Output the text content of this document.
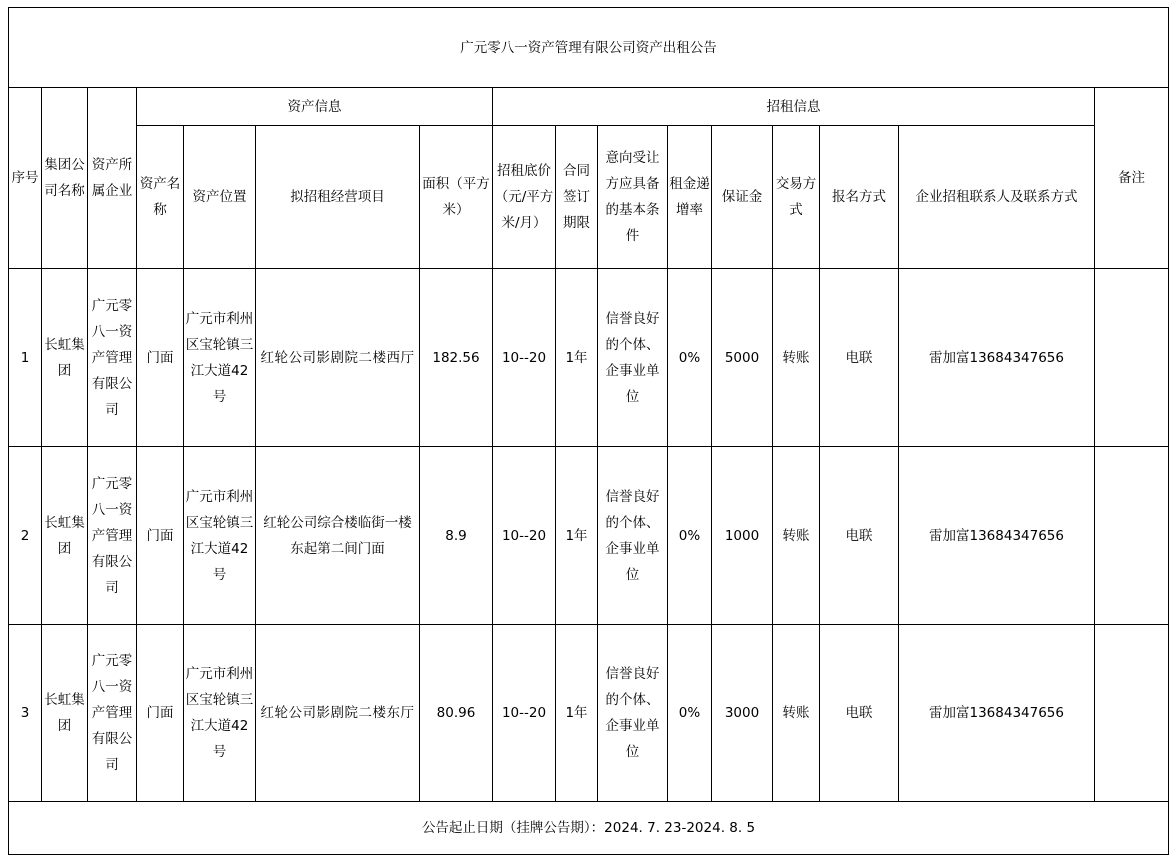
广元零八一资产管理有限公司资产出租公告															
序号	集团公司名称	资产所属企业	资产信息				招租信息								备注
			资产名称	资产位置	拟招租经营项目	面积（平方米）	招租底价（元/平方米/月）	合同签订期限	意向受让方应具备的基本条件	租金递增率	保证金	交易方式	报名方式	企业招租联系人及联系方式	
1	长虹集团	广元零八一资产管理有限公司	门面	广元市利州区宝轮镇三江大道42号	红轮公司影剧院二楼西厅	182.56	10--20	1年	信誉良好的个体、企事业单位	0%	5000	转账	电联	雷加富13684347656	
2	长虹集团	广元零八一资产管理有限公司	门面	广元市利州区宝轮镇三江大道42号	红轮公司综合楼临街一楼东起第二间门面	8.9	10--20	1年	信誉良好的个体、企事业单位	0%	1000	转账	电联	雷加富13684347656	
3	长虹集团	广元零八一资产管理有限公司	门面	广元市利州区宝轮镇三江大道42号	红轮公司影剧院二楼东厅	80.96	10--20	1年	信誉良好的个体、企事业单位	0%	3000	转账	电联	雷加富13684347656	
公告起止日期（挂牌公告期）：2024. 7. 23-2024. 8. 5															
